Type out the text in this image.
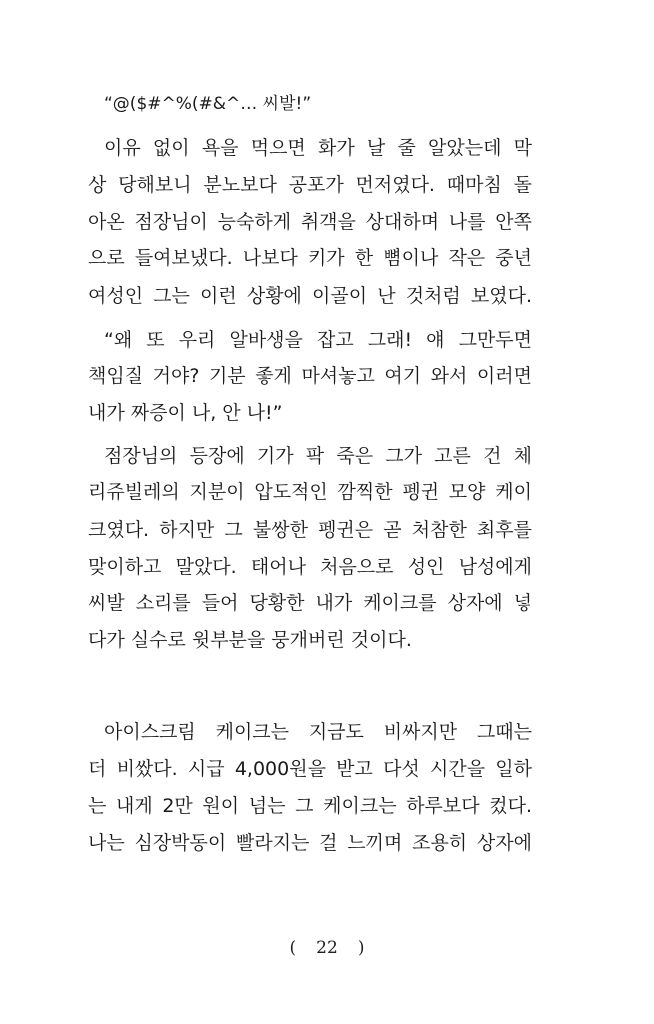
“@($#^%(#&^… 씨발!”
이유 없이 욕을 먹으면 화가 날 줄 알았는데 막
상 당해보니 분노보다 공포가 먼저였다. 때마침 돌
아온 점장님이 능숙하게 취객을 상대하며 나를 안쪽
으로 들여보냈다. 나보다 키가 한 뼘이나 작은 중년
여성인 그는 이런 상황에 이골이 난 것처럼 보였다.
“왜 또 우리 알바생을 잡고 그래! 얘 그만두면
책임질 거야? 기분 좋게 마셔놓고 여기 와서 이러면
내가 짜증이 나, 안 나!”
점장님의 등장에 기가 팍 죽은 그가 고른 건 체
리쥬빌레의 지분이 압도적인 깜찍한 펭귄 모양 케이
크였다. 하지만 그 불쌍한 펭귄은 곧 처참한 최후를
맞이하고 말았다. 태어나 처음으로 성인 남성에게
씨발 소리를 들어 당황한 내가 케이크를 상자에 넣
다가 실수로 윗부분을 뭉개버린 것이다.
아이스크림 케이크는 지금도 비싸지만 그때는
더 비쌌다. 시급 4,000원을 받고 다섯 시간을 일하
는 내게 2만 원이 넘는 그 케이크는 하루보다 컸다.
나는 심장박동이 빨라지는 걸 느끼며 조용히 상자에
( 22 )
